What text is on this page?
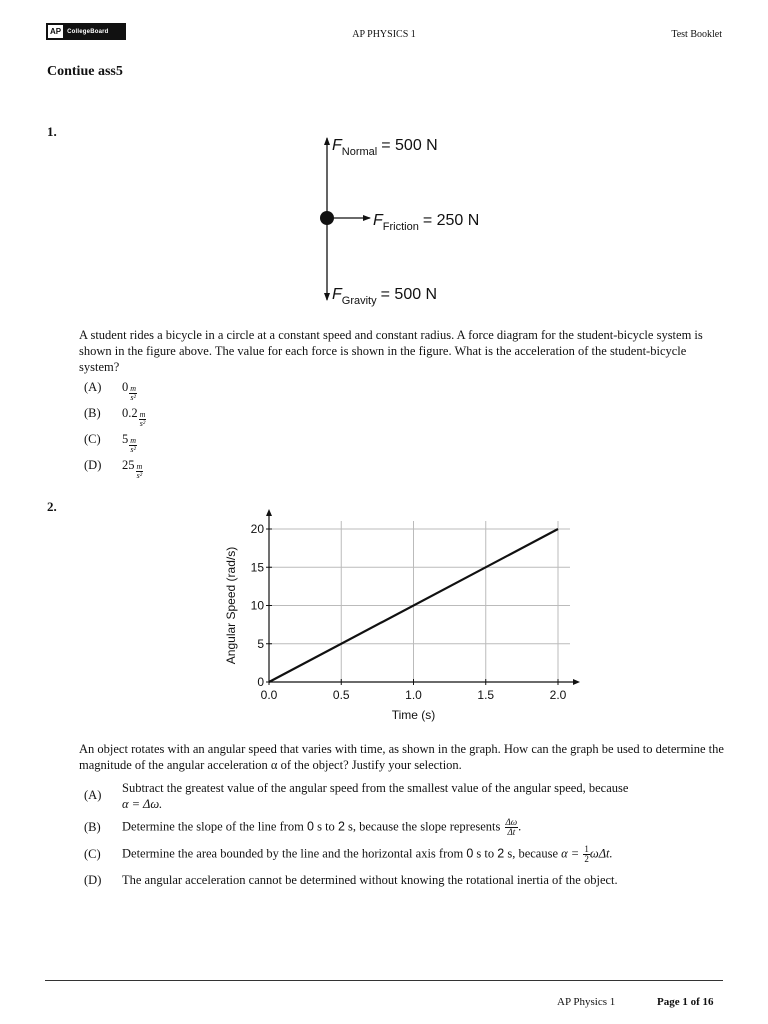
AP	CollegeBoard	AP PHYSICS 1	Test Booklet
Contiue ass5
1.
$F_{Normal} = 500$ N
$F_{Friction} = 250$ N
$F_{Gravity} = 500$ N
A student rides a bicycle in a circle at a constant speed and constant radius. A force diagram for the student-bicycle system is shown in the figure above. The value for each force is shown in the figure. What is the acceleration of the student-bicycle system?
(A)	$0 \frac{m}{\text{s²}}$
(B)	$0.2 \frac{m}{\text{s²}}$
(C)	$5 \frac{m}{\text{s²}}$
(D)	$25 \frac{m}{\text{s²}}$
2.
0.0	0.5	1.0	1.5	2.0
0
5
10
15
20
Time (s)
Angular Speed (rad/s)
An object rotates with an angular speed that varies with time, as shown in the graph. How can the graph be used to determine the magnitude of the angular acceleration α of the object? Justify your selection.
(A)	Subtract the greatest value of the angular speed from the smallest value of the angular speed, because
α = Δω.
(B)	Determine the slope of the line from 0 s to 2 s, because the slope represents $\frac{\Delta\omega}{\Delta t}$ .
(C)	Determine the area bounded by the line and the horizontal axis from 0 s to 2 s, because $\alpha = \frac{1}{2} \omega\Delta t$.
(D)	The angular acceleration cannot be determined without knowing the rotational inertia of the object.
AP Physics 1	Page 1 of 16
